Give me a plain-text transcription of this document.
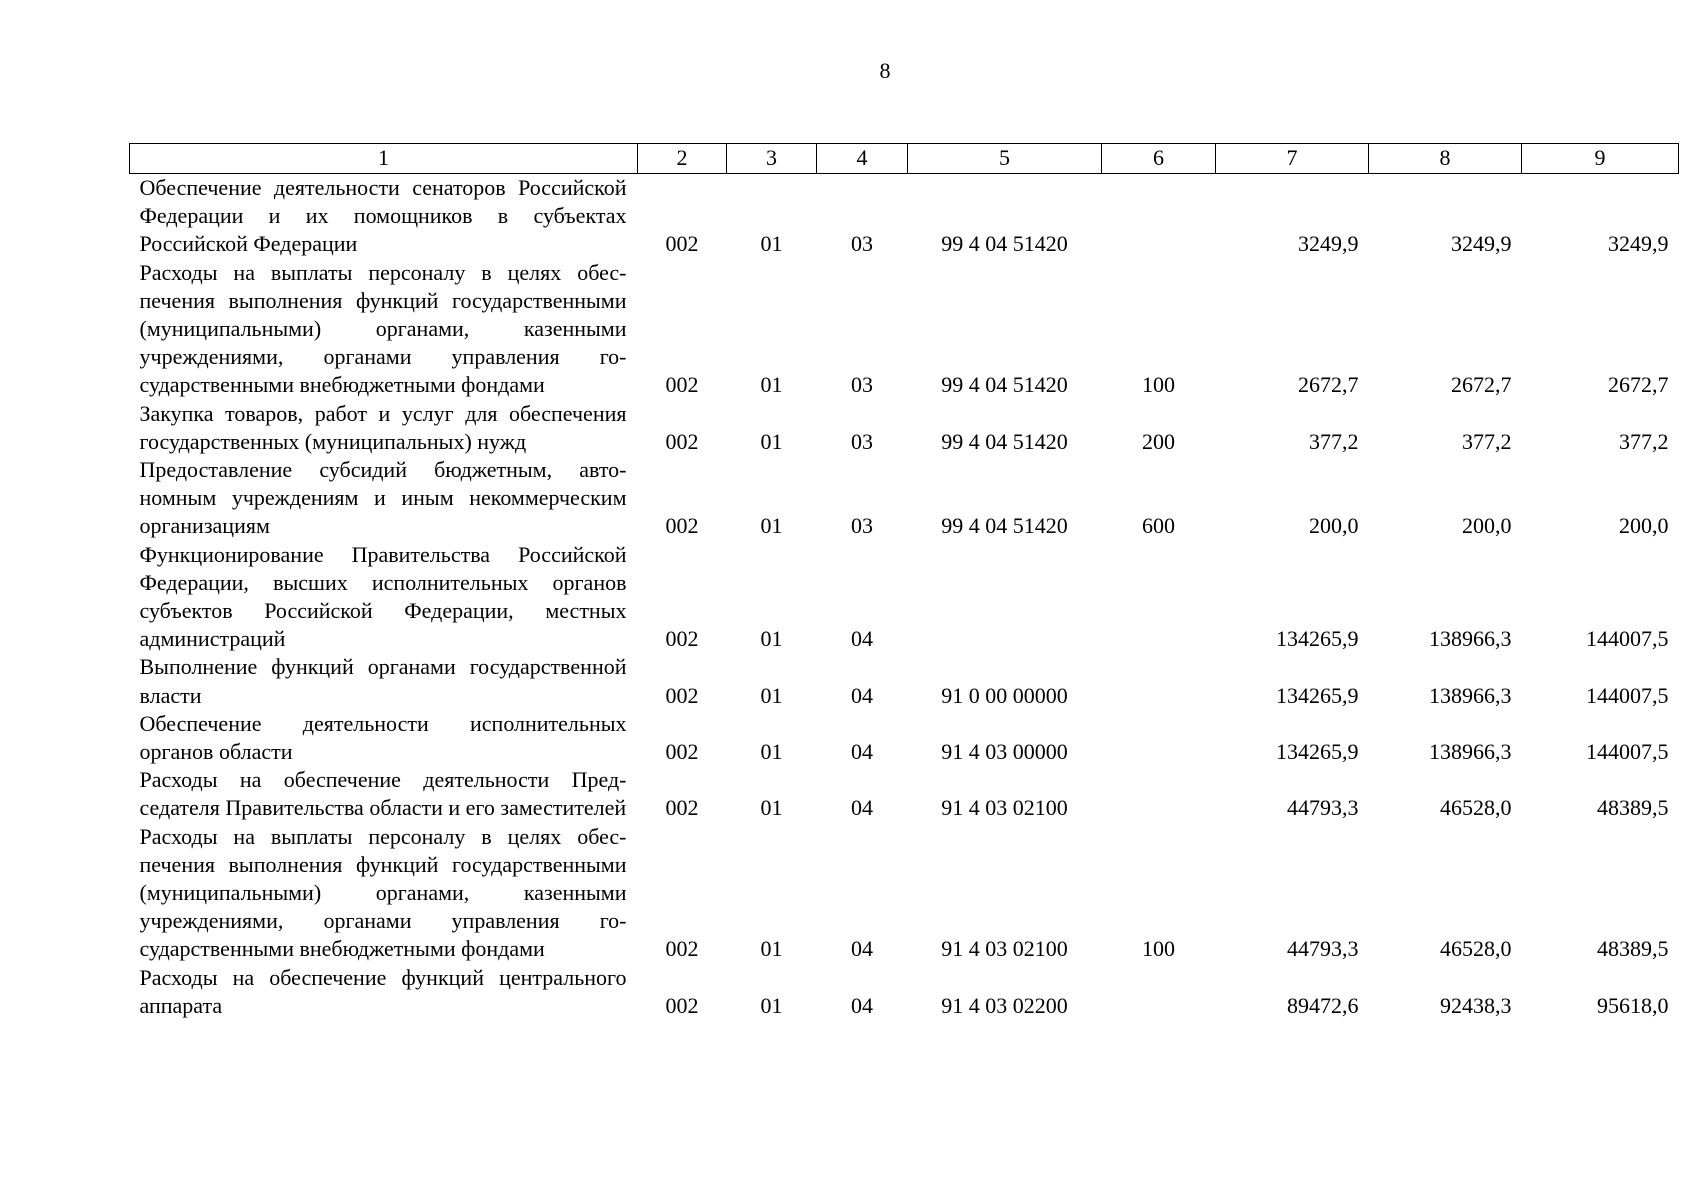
8
1	2	3	4	5	6	7	8	9
Обеспечение деятельности сенаторов Российской Федерации и их помощников в субъектах Российской Федерации	002	01	03	99 4 04 51420		3249,9	3249,9	3249,9
Расходы на выплаты персоналу в целях обеспечения выполнения функций государственными (муниципальными) органами, казенными учреждениями, органами управления государственными внебюджетными фондами	002	01	03	99 4 04 51420	100	2672,7	2672,7	2672,7
Закупка товаров, работ и услуг для обеспечения государственных (муниципальных) нужд	002	01	03	99 4 04 51420	200	377,2	377,2	377,2
Предоставление субсидий бюджетным, автономным учреждениям и иным некоммерческим организациям	002	01	03	99 4 04 51420	600	200,0	200,0	200,0
Функционирование Правительства Российской Федерации, высших исполнительных органов субъектов Российской Федерации, местных администраций	002	01	04			134265,9	138966,3	144007,5
Выполнение функций органами государственной власти	002	01	04	91 0 00 00000		134265,9	138966,3	144007,5
Обеспечение деятельности исполнительных органов области	002	01	04	91 4 03 00000		134265,9	138966,3	144007,5
Расходы на обеспечение деятельности Председателя Правительства области и его заместителей	002	01	04	91 4 03 02100		44793,3	46528,0	48389,5
Расходы на выплаты персоналу в целях обеспечения выполнения функций государственными (муниципальными) органами, казенными учреждениями, органами управления государственными внебюджетными фондами	002	01	04	91 4 03 02100	100	44793,3	46528,0	48389,5
Расходы на обеспечение функций центрального аппарата	002	01	04	91 4 03 02200		89472,6	92438,3	95618,0
